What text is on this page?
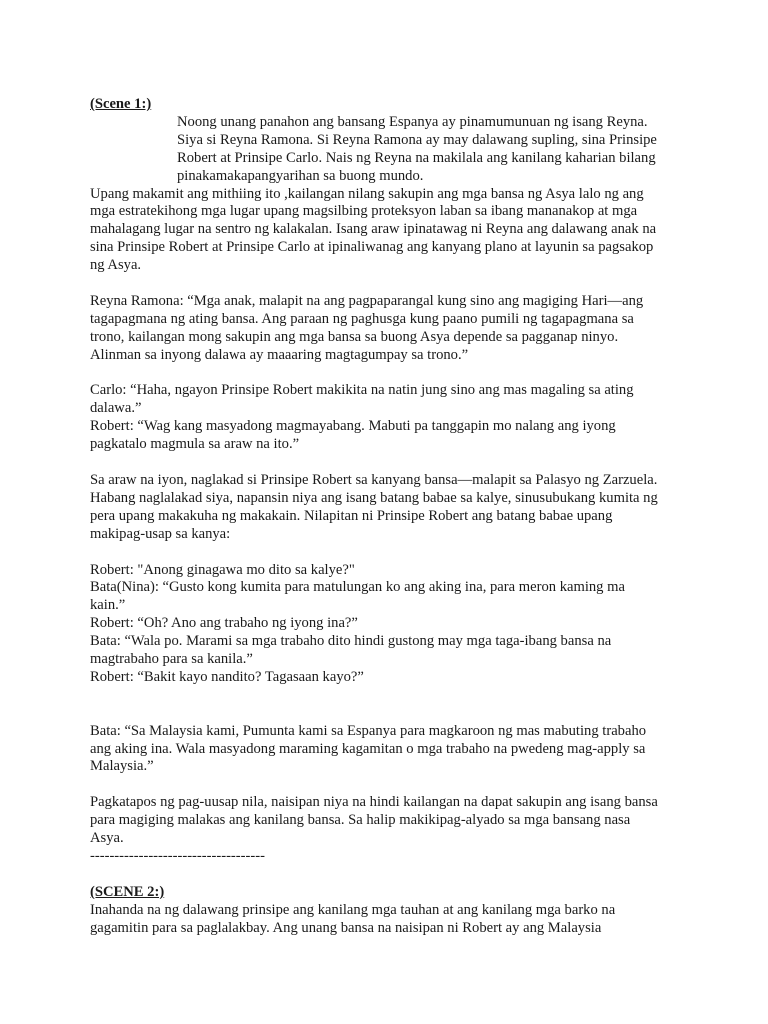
(Scene 1:)

Noong unang panahon ang bansang Espanya ay pinamumunuan ng isang Reyna.
Siya si Reyna Ramona. Si Reyna Ramona ay may dalawang supling, sina Prinsipe
Robert at Prinsipe Carlo. Nais ng Reyna na makilala ang kanilang kaharian bilang
pinakamakapangyarihan sa buong mundo.

Upang makamit ang mithiing ito ,kailangan nilang sakupin ang mga bansa ng Asya lalo ng ang
mga estratekihong mga lugar upang magsilbing proteksyon laban sa ibang mananakop at mga
mahalagang lugar na sentro ng kalakalan. Isang araw ipinatawag ni Reyna ang dalawang anak na
sina Prinsipe Robert at Prinsipe Carlo at ipinaliwanag ang kanyang plano at layunin sa pagsakop
ng Asya.

Reyna Ramona: “Mga anak, malapit na ang pagpaparangal kung sino ang magiging Hari—ang
tagapagmana ng ating bansa. Ang paraan ng paghusga kung paano pumili ng tagapagmana sa
trono, kailangan mong sakupin ang mga bansa sa buong Asya depende sa pagganap ninyo.
Alinman sa inyong dalawa ay maaaring magtagumpay sa trono.”

Carlo: “Haha, ngayon Prinsipe Robert makikita na natin jung sino ang mas magaling sa ating
dalawa.”
Robert: “Wag kang masyadong magmayabang. Mabuti pa tanggapin mo nalang ang iyong
pagkatalo magmula sa araw na ito.”

Sa araw na iyon, naglakad si Prinsipe Robert sa kanyang bansa—malapit sa Palasyo ng Zarzuela.
Habang naglalakad siya, napansin niya ang isang batang babae sa kalye, sinusubukang kumita ng
pera upang makakuha ng makakain. Nilapitan ni Prinsipe Robert ang batang babae upang
makipag-usap sa kanya:

Robert: "Anong ginagawa mo dito sa kalye?"
Bata(Nina): “Gusto kong kumita para matulungan ko ang aking ina, para meron kaming ma
kain.”
Robert: “Oh? Ano ang trabaho ng iyong ina?”
Bata: “Wala po. Marami sa mga trabaho dito hindi gustong may mga taga-ibang bansa na
magtrabaho para sa kanila.”
Robert: “Bakit kayo nandito? Tagasaan kayo?”

Bata: “Sa Malaysia kami, Pumunta kami sa Espanya para magkaroon ng mas mabuting trabaho
ang aking ina. Wala masyadong maraming kagamitan o mga trabaho na pwedeng mag-apply sa
Malaysia.”

Pagkatapos ng pag-uusap nila, naisipan niya na hindi kailangan na dapat sakupin ang isang bansa
para magiging malakas ang kanilang bansa. Sa halip makikipag-alyado sa mga bansang nasa
Asya.

------------------------------------

(SCENE 2:)

Inahanda na ng dalawang prinsipe ang kanilang mga tauhan at ang kanilang mga barko na
gagamitin para sa paglalakbay. Ang unang bansa na naisipan ni Robert ay ang Malaysia
